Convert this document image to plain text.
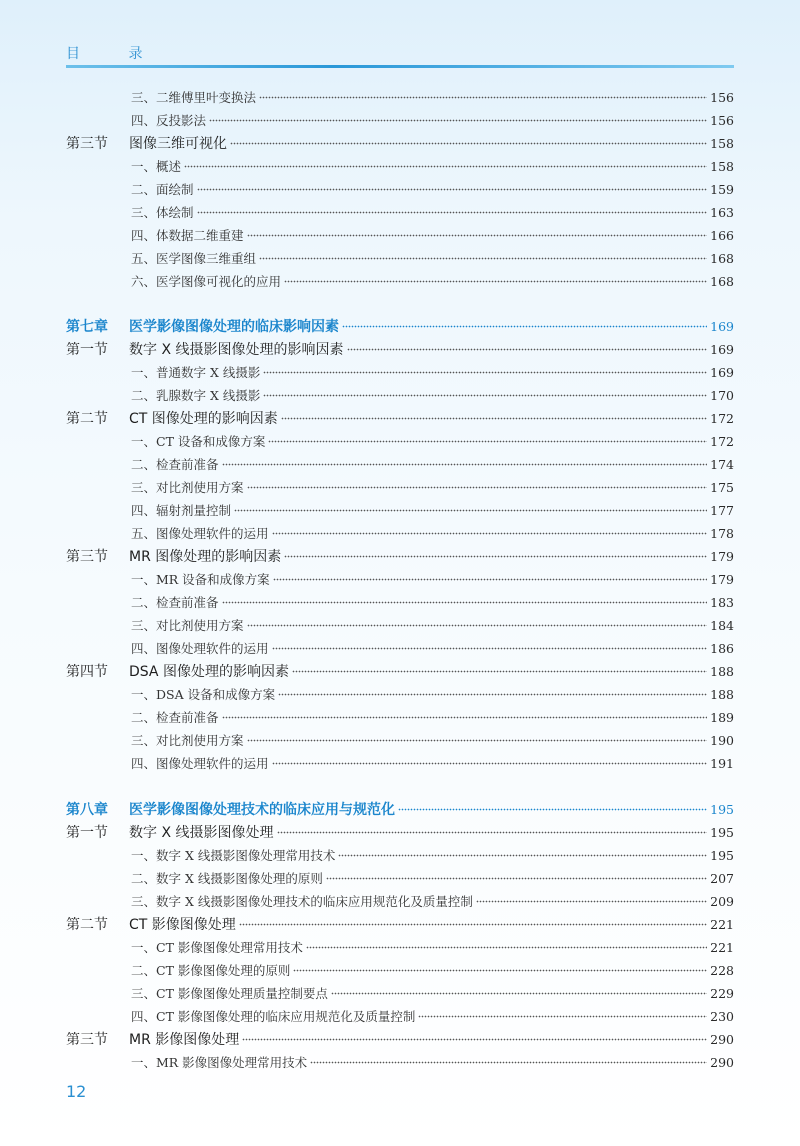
目 录
三、二维傅里叶变换法	156
四、反投影法	156
第三节 图像三维可视化	158
一、概述	158
二、面绘制	159
三、体绘制	163
四、体数据二维重建	166
五、医学图像三维重组	168
六、医学图像可视化的应用	168
第七章 医学影像图像处理的临床影响因素	169
第一节 数字 X 线摄影图像处理的影响因素	169
一、普通数字 X 线摄影	169
二、乳腺数字 X 线摄影	170
第二节 CT 图像处理的影响因素	172
一、CT 设备和成像方案	172
二、检查前准备	174
三、对比剂使用方案	175
四、辐射剂量控制	177
五、图像处理软件的运用	178
第三节 MR 图像处理的影响因素	179
一、MR 设备和成像方案	179
二、检查前准备	183
三、对比剂使用方案	184
四、图像处理软件的运用	186
第四节 DSA 图像处理的影响因素	188
一、DSA 设备和成像方案	188
二、检查前准备	189
三、对比剂使用方案	190
四、图像处理软件的运用	191
第八章 医学影像图像处理技术的临床应用与规范化	195
第一节 数字 X 线摄影图像处理	195
一、数字 X 线摄影图像处理常用技术	195
二、数字 X 线摄影图像处理的原则	207
三、数字 X 线摄影图像处理技术的临床应用规范化及质量控制	209
第二节 CT 影像图像处理	221
一、CT 影像图像处理常用技术	221
二、CT 影像图像处理的原则	228
三、CT 影像图像处理质量控制要点	229
四、CT 影像图像处理的临床应用规范化及质量控制	230
第三节 MR 影像图像处理	290
一、MR 影像图像处理常用技术	290
12
